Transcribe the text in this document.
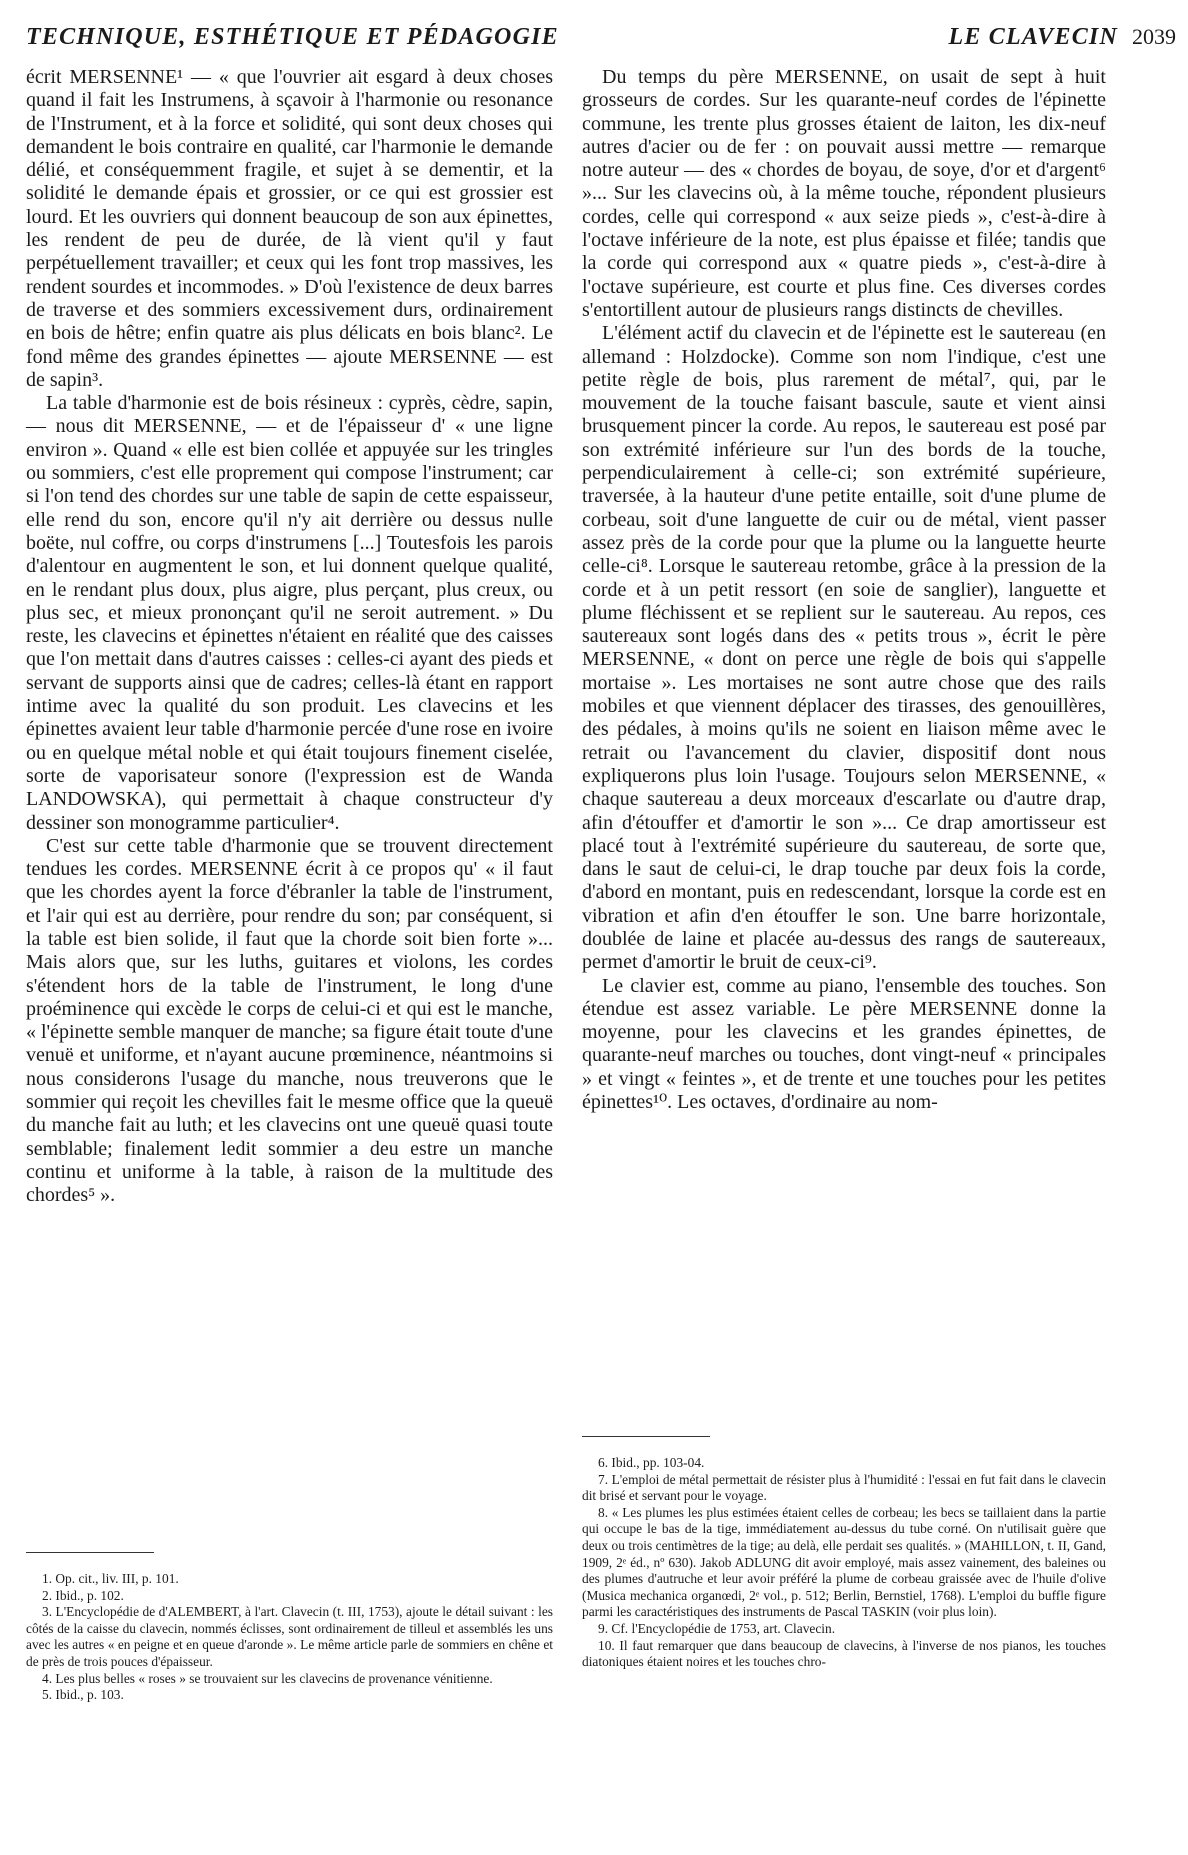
TECHNIQUE, ESTHÉTIQUE ET PÉDAGOGIE	LE CLAVECIN 2039

écrit MERSENNE¹ — « que l'ouvrier ait esgard à deux choses quand il fait les Instrumens, à sçavoir à l'harmonie ou resonance de l'Instrument, et à la force et solidité, qui sont deux choses qui demandent le bois contraire en qualité, car l'harmonie le demande délié, et conséquemment fragile, et sujet à se dementir, et la solidité le demande épais et grossier, or ce qui est grossier est lourd. Et les ouvriers qui donnent beaucoup de son aux épinettes, les rendent de peu de durée, de là vient qu'il y faut perpétuellement travailler; et ceux qui les font trop massives, les rendent sourdes et incommodes. » D'où l'existence de deux barres de traverse et des sommiers excessivement durs, ordinairement en bois de hêtre; enfin quatre ais plus délicats en bois blanc². Le fond même des grandes épinettes — ajoute MERSENNE — est de sapin³.

La table d'harmonie est de bois résineux : cyprès, cèdre, sapin, — nous dit MERSENNE, — et de l'épaisseur d' « une ligne environ ». Quand « elle est bien collée et appuyée sur les tringles ou sommiers, c'est elle proprement qui compose l'instrument; car si l'on tend des chordes sur une table de sapin de cette espaisseur, elle rend du son, encore qu'il n'y ait derrière ou dessus nulle boëte, nul coffre, ou corps d'instrumens [...] Toutesfois les parois d'alentour en augmentent le son, et lui donnent quelque qualité, en le rendant plus doux, plus aigre, plus perçant, plus creux, ou plus sec, et mieux prononçant qu'il ne seroit autrement. » Du reste, les clavecins et épinettes n'étaient en réalité que des caisses que l'on mettait dans d'autres caisses : celles-ci ayant des pieds et servant de supports ainsi que de cadres; celles-là étant en rapport intime avec la qualité du son produit. Les clavecins et les épinettes avaient leur table d'harmonie percée d'une rose en ivoire ou en quelque métal noble et qui était toujours finement ciselée, sorte de vaporisateur sonore (l'expression est de Wanda LANDOWSKA), qui permettait à chaque constructeur d'y dessiner son monogramme particulier⁴.

C'est sur cette table d'harmonie que se trouvent directement tendues les cordes. MERSENNE écrit à ce propos qu' « il faut que les chordes ayent la force d'ébranler la table de l'instrument, et l'air qui est au derrière, pour rendre du son; par conséquent, si la table est bien solide, il faut que la chorde soit bien forte »... Mais alors que, sur les luths, guitares et violons, les cordes s'étendent hors de la table de l'instrument, le long d'une proéminence qui excède le corps de celui-ci et qui est le manche, « l'épinette semble manquer de manche; sa figure était toute d'une venuë et uniforme, et n'ayant aucune prœminence, néantmoins si nous considerons l'usage du manche, nous treuverons que le sommier qui reçoit les chevilles fait le mesme office que la queuë du manche fait au luth; et les clavecins ont une queuë quasi toute semblable; finalement ledit sommier a deu estre un manche continu et uniforme à la table, à raison de la multitude des chordes⁵ ».

Du temps du père MERSENNE, on usait de sept à huit grosseurs de cordes. Sur les quarante-neuf cordes de l'épinette commune, les trente plus grosses étaient de laiton, les dix-neuf autres d'acier ou de fer : on pouvait aussi mettre — remarque notre auteur — des « chordes de boyau, de soye, d'or et d'argent⁶ »... Sur les clavecins où, à la même touche, répondent plusieurs cordes, celle qui correspond « aux seize pieds », c'est-à-dire à l'octave inférieure de la note, est plus épaisse et filée; tandis que la corde qui correspond aux « quatre pieds », c'est-à-dire à l'octave supérieure, est courte et plus fine. Ces diverses cordes s'entortillent autour de plusieurs rangs distincts de chevilles.

L'élément actif du clavecin et de l'épinette est le sautereau (en allemand : Holzdocke). Comme son nom l'indique, c'est une petite règle de bois, plus rarement de métal⁷, qui, par le mouvement de la touche faisant bascule, saute et vient ainsi brusquement pincer la corde. Au repos, le sautereau est posé par son extrémité inférieure sur l'un des bords de la touche, perpendiculairement à celle-ci; son extrémité supérieure, traversée, à la hauteur d'une petite entaille, soit d'une plume de corbeau, soit d'une languette de cuir ou de métal, vient passer assez près de la corde pour que la plume ou la languette heurte celle-ci⁸. Lorsque le sautereau retombe, grâce à la pression de la corde et à un petit ressort (en soie de sanglier), languette et plume fléchissent et se replient sur le sautereau. Au repos, ces sautereaux sont logés dans des « petits trous », écrit le père MERSENNE, « dont on perce une règle de bois qui s'appelle mortaise ». Les mortaises ne sont autre chose que des rails mobiles et que viennent déplacer des tirasses, des genouillères, des pédales, à moins qu'ils ne soient en liaison même avec le retrait ou l'avancement du clavier, dispositif dont nous expliquerons plus loin l'usage. Toujours selon MERSENNE, « chaque sautereau a deux morceaux d'escarlate ou d'autre drap, afin d'étouffer et d'amortir le son »... Ce drap amortisseur est placé tout à l'extrémité supérieure du sautereau, de sorte que, dans le saut de celui-ci, le drap touche par deux fois la corde, d'abord en montant, puis en redescendant, lorsque la corde est en vibration et afin d'en étouffer le son. Une barre horizontale, doublée de laine et placée au-dessus des rangs de sautereaux, permet d'amortir le bruit de ceux-ci⁹.

Le clavier est, comme au piano, l'ensemble des touches. Son étendue est assez variable. Le père MERSENNE donne la moyenne, pour les clavecins et les grandes épinettes, de quarante-neuf marches ou touches, dont vingt-neuf « principales » et vingt « feintes », et de trente et une touches pour les petites épinettes¹⁰. Les octaves, d'ordinaire au nom-

1. Op. cit., liv. III, p. 101.

2. Ibid., p. 102.

3. L'Encyclopédie de d'ALEMBERT, à l'art. Clavecin (t. III, 1753), ajoute le détail suivant : les côtés de la caisse du clavecin, nommés éclisses, sont ordinairement de tilleul et assemblés les uns avec les autres « en peigne et en queue d'aronde ». Le même article parle de sommiers en chêne et de près de trois pouces d'épaisseur.

4. Les plus belles « roses » se trouvaient sur les clavecins de provenance vénitienne.

5. Ibid., p. 103.

6. Ibid., pp. 103-04.

7. L'emploi de métal permettait de résister plus à l'humidité : l'essai en fut fait dans le clavecin dit brisé et servant pour le voyage.

8. « Les plumes les plus estimées étaient celles de corbeau; les becs se taillaient dans la partie qui occupe le bas de la tige, immédiatement au-dessus du tube corné. On n'utilisait guère que deux ou trois centimètres de la tige; au delà, elle perdait ses qualités. » (MAHILLON, t. II, Gand, 1909, 2ᵉ éd., nº 630). Jakob ADLUNG dit avoir employé, mais assez vainement, des baleines ou des plumes d'autruche et leur avoir préféré la plume de corbeau graissée avec de l'huile d'olive (Musica mechanica organœdi, 2ᵉ vol., p. 512; Berlin, Bernstiel, 1768). L'emploi du buffle figure parmi les caractéristiques des instruments de Pascal TASKIN (voir plus loin).

9. Cf. l'Encyclopédie de 1753, art. Clavecin.

10. Il faut remarquer que dans beaucoup de clavecins, à l'inverse de nos pianos, les touches diatoniques étaient noires et les touches chro-
